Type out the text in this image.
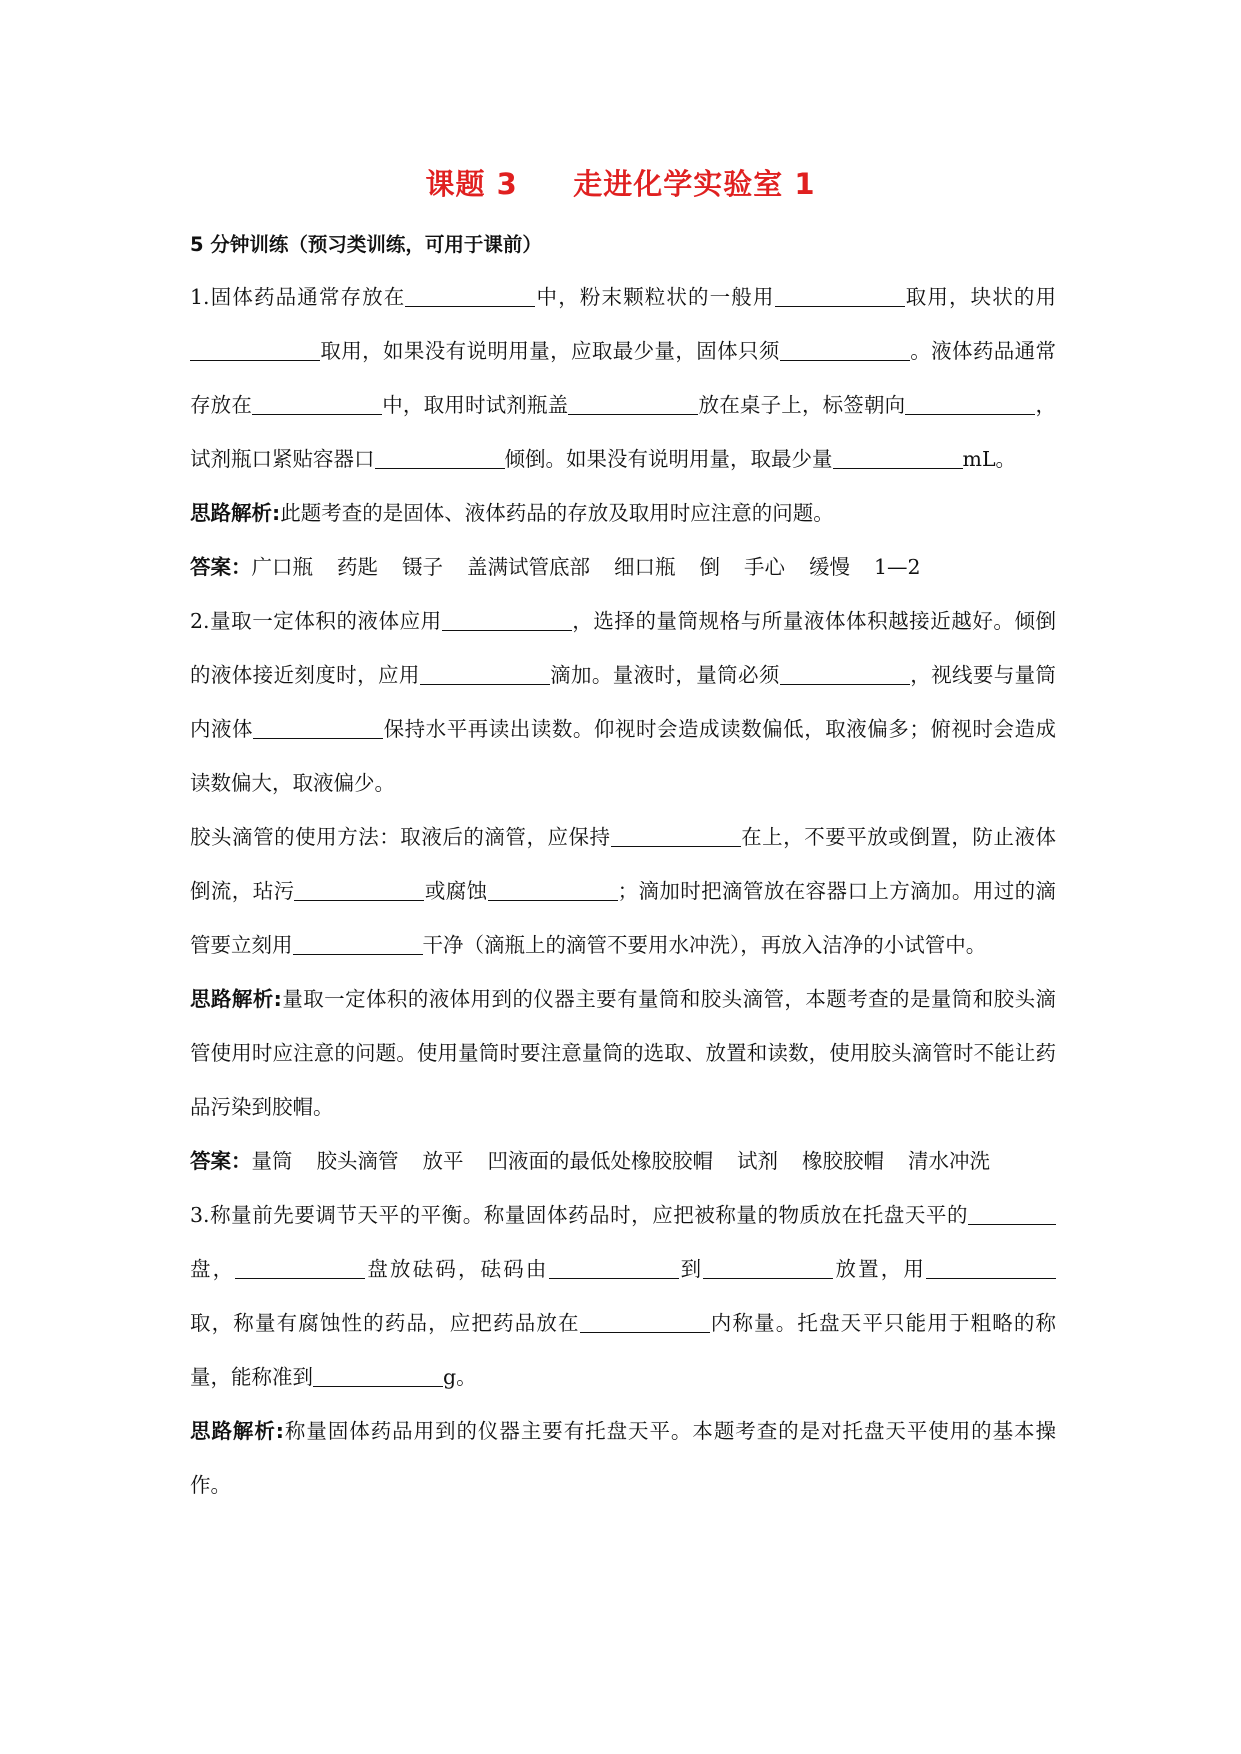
课题 3     走进化学实验室 1
5 分钟训练（预习类训练，可用于课前）

1.固体药品通常存放在	中，粉末颗粒状的一般用	取用，块状的用取用，如果没有说明用量，应取最少量，固体只须	。液体药品通常存放在	中，取用时试剂瓶盖	放在桌子上，标签朝向	，试剂瓶口紧贴容器口	倾倒。如果没有说明用量，取最少量	mL。

思路解析:此题考查的是固体、液体药品的存放及取用时应注意的问题。

答案：广口瓶 药匙 镊子 盖满试管底部 细口瓶 倒 手心 缓慢 1—2

2.量取一定体积的液体应用	，选择的量筒规格与所量液体体积越接近越好。倾倒的液体接近刻度时，应用	滴加。量液时，量筒必须	，视线要与量筒内液体	保持水平再读出读数。仰视时会造成读数偏低，取液偏多；俯视时会造成读数偏大，取液偏少。

胶头滴管的使用方法：取液后的滴管，应保持	在上，不要平放或倒置，防止液体倒流，玷污	或腐蚀	；滴加时把滴管放在容器口上方滴加。用过的滴管要立刻用	干净（滴瓶上的滴管不要用水冲洗），再放入洁净的小试管中。

思路解析:量取一定体积的液体用到的仪器主要有量筒和胶头滴管，本题考查的是量筒和胶头滴管使用时应注意的问题。使用量筒时要注意量筒的选取、放置和读数，使用胶头滴管时不能让药品污染到胶帽。

答案：量筒 胶头滴管 放平 凹液面的最低处橡胶胶帽 试剂 橡胶胶帽 清水冲洗

3.称量前先要调节天平的平衡。称量固体药品时，应把被称量的物质放在托盘天平的盘，	盘放砝码，砝码由	到	放置，用取，称量有腐蚀性的药品，应把药品放在	内称量。托盘天平只能用于粗略的称量，能称准到	g。

思路解析:称量固体药品用到的仪器主要有托盘天平。本题考查的是对托盘天平使用的基本操作。
